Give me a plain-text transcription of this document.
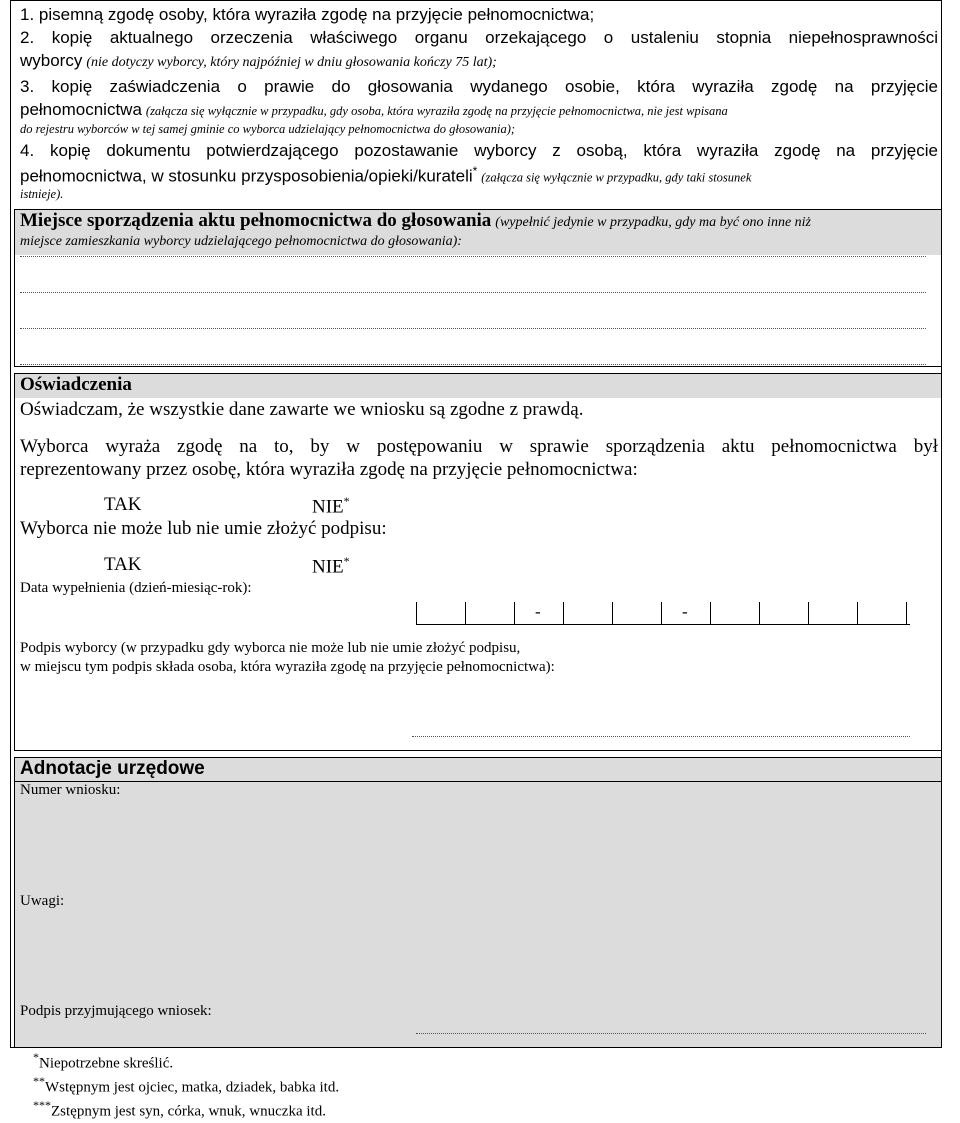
1. pisemną zgodę osoby, która wyraziła zgodę na przyjęcie pełnomocnictwa;
2. kopię aktualnego orzeczenia właściwego organu orzekającego o ustaleniu stopnia niepełnosprawności
wyborcy (nie dotyczy wyborcy, który najpóźniej w dniu głosowania kończy 75 lat);
3. kopię zaświadczenia o prawie do głosowania wydanego osobie, która wyraziła zgodę na przyjęcie
pełnomocnictwa (załącza się wyłącznie w przypadku, gdy osoba, która wyraziła zgodę na przyjęcie pełnomocnictwa, nie jest wpisana
do rejestru wyborców w tej samej gminie co wyborca udzielający pełnomocnictwa do głosowania);
4. kopię dokumentu potwierdzającego pozostawanie wyborcy z osobą, która wyraziła zgodę na przyjęcie
pełnomocnictwa, w stosunku przysposobienia/opieki/kurateli* (załącza się wyłącznie w przypadku, gdy taki stosunek
istnieje).
Miejsce sporządzenia aktu pełnomocnictwa do głosowania (wypełnić jedynie w przypadku, gdy ma być ono inne niż
miejsce zamieszkania wyborcy udzielającego pełnomocnictwa do głosowania):
Oświadczenia
Oświadczam, że wszystkie dane zawarte we wniosku są zgodne z prawdą.
Wyborca wyraża zgodę na to, by w postępowaniu w sprawie sporządzenia aktu pełnomocnictwa był
reprezentowany przez osobę, która wyraziła zgodę na przyjęcie pełnomocnictwa:
TAK	NIE*
Wyborca nie może lub nie umie złożyć podpisu:
TAK	NIE*
Data wypełnienia (dzień-miesiąc-rok):
-	-
Podpis wyborcy (w przypadku gdy wyborca nie może lub nie umie złożyć podpisu,
w miejscu tym podpis składa osoba, która wyraziła zgodę na przyjęcie pełnomocnictwa):
Adnotacje urzędowe
Numer wniosku:
Uwagi:
Podpis przyjmującego wniosek:
*Niepotrzebne skreślić.
**Wstępnym jest ojciec, matka, dziadek, babka itd.
***Zstępnym jest syn, córka, wnuk, wnuczka itd.
